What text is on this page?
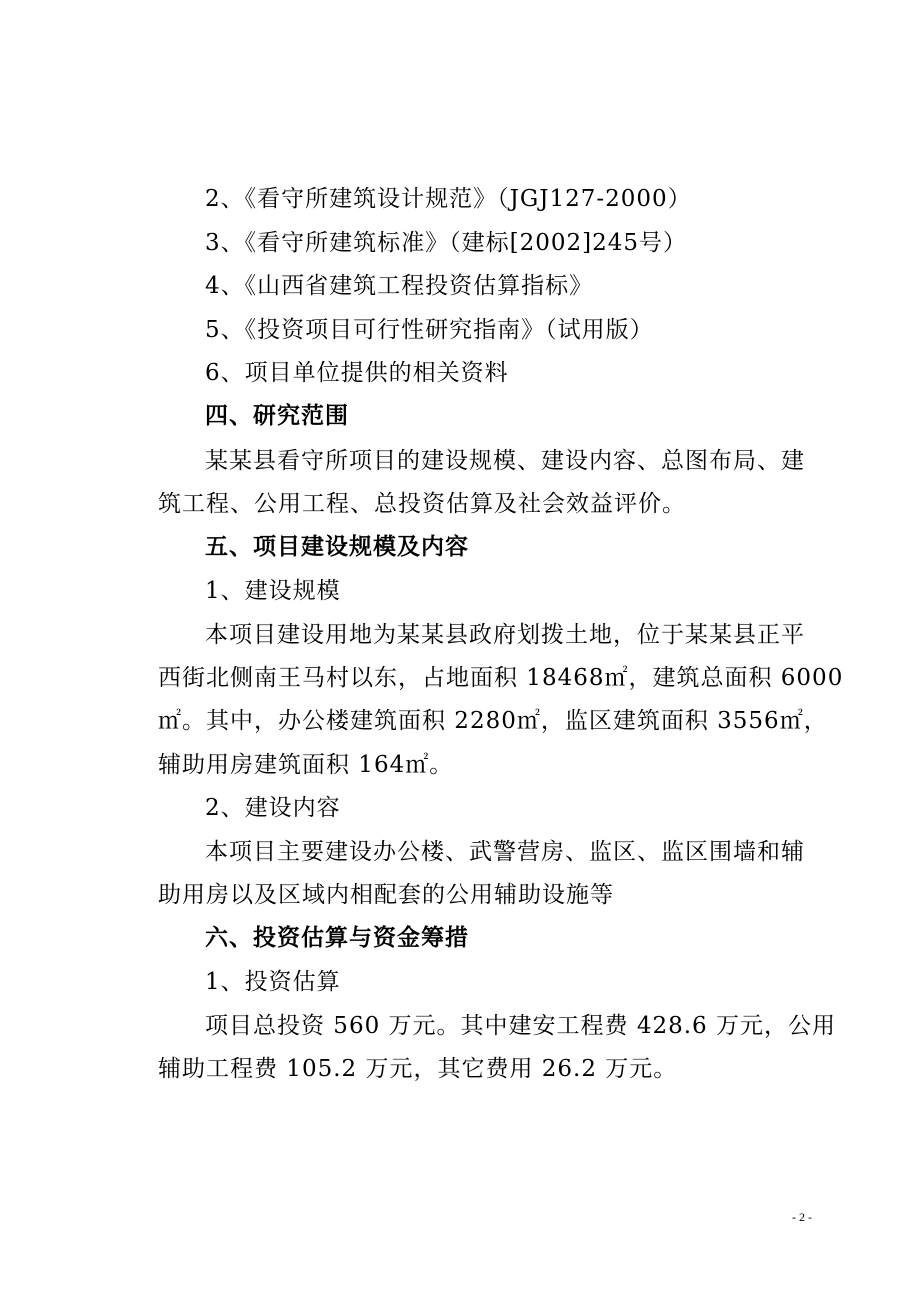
2、《看守所建筑设计规范》（JGJ127-2000）
3、《看守所建筑标准》（建标[2002]245号）
4、《山西省建筑工程投资估算指标》
5、《投资项目可行性研究指南》（试用版）
6、项目单位提供的相关资料
四、研究范围
某某县看守所项目的建设规模、建设内容、总图布局、建
筑工程、公用工程、总投资估算及社会效益评价。
五、项目建设规模及内容
1、建设规模
本项目建设用地为某某县政府划拨土地，位于某某县正平
西街北侧南王马村以东，占地面积 18468㎡，建筑总面积 6000
㎡。其中，办公楼建筑面积 2280㎡，监区建筑面积 3556㎡，
辅助用房建筑面积 164㎡。
2、建设内容
本项目主要建设办公楼、武警营房、监区、监区围墙和辅
助用房以及区域内相配套的公用辅助设施等
六、投资估算与资金筹措
1、投资估算
项目总投资 560 万元。其中建安工程费 428.6 万元，公用
辅助工程费 105.2 万元，其它费用 26.2 万元。
- 2 -
